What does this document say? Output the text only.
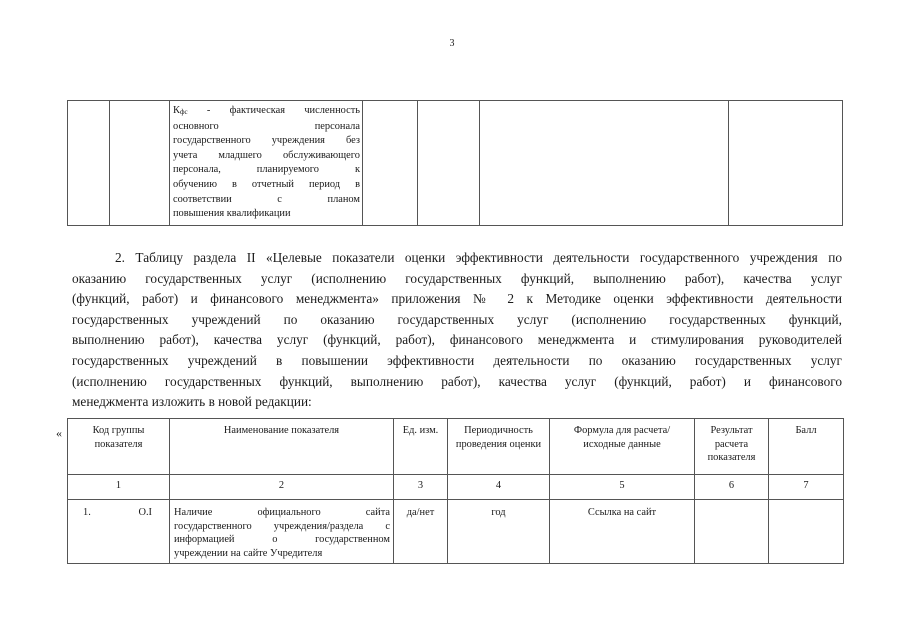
3

$К_{фс}$ - фактическая численность
основного персонала
государственного учреждения без
учета младшего обслуживающего
персонала, планируемого к
обучению в отчетный период в
соответствии с планом
повышения квалификации

2. Таблицу раздела II «Целевые показатели оценки эффективности деятельности государственного учреждения по
оказанию государственных услуг (исполнению государственных функций, выполнению работ), качества услуг
(функций, работ) и финансового менеджмента» приложения № 2 к Методике оценки эффективности деятельности
государственных учреждений по оказанию государственных услуг (исполнению государственных функций,
выполнению работ), качества услуг (функций, работ), финансового менеджмента и стимулирования руководителей
государственных учреждений в повышении эффективности деятельности по оказанию государственных услуг
(исполнению государственных функций, выполнению работ), качества услуг (функций, работ) и финансового
менеджмента изложить в новой редакции:
«	Код группы показателя	Наименование показателя	Ед. изм.	Периодичность проведения оценки	Формула для расчета/исходные данные	Результат расчета показателя	Балл
1	2	3	4	5	6	7

1. О.I	Наличие официального сайта
государственного учреждения/раздела с
информацией о государственном
учреждении на сайте Учредителя	да/нет	год	Ссылка на сайт		
